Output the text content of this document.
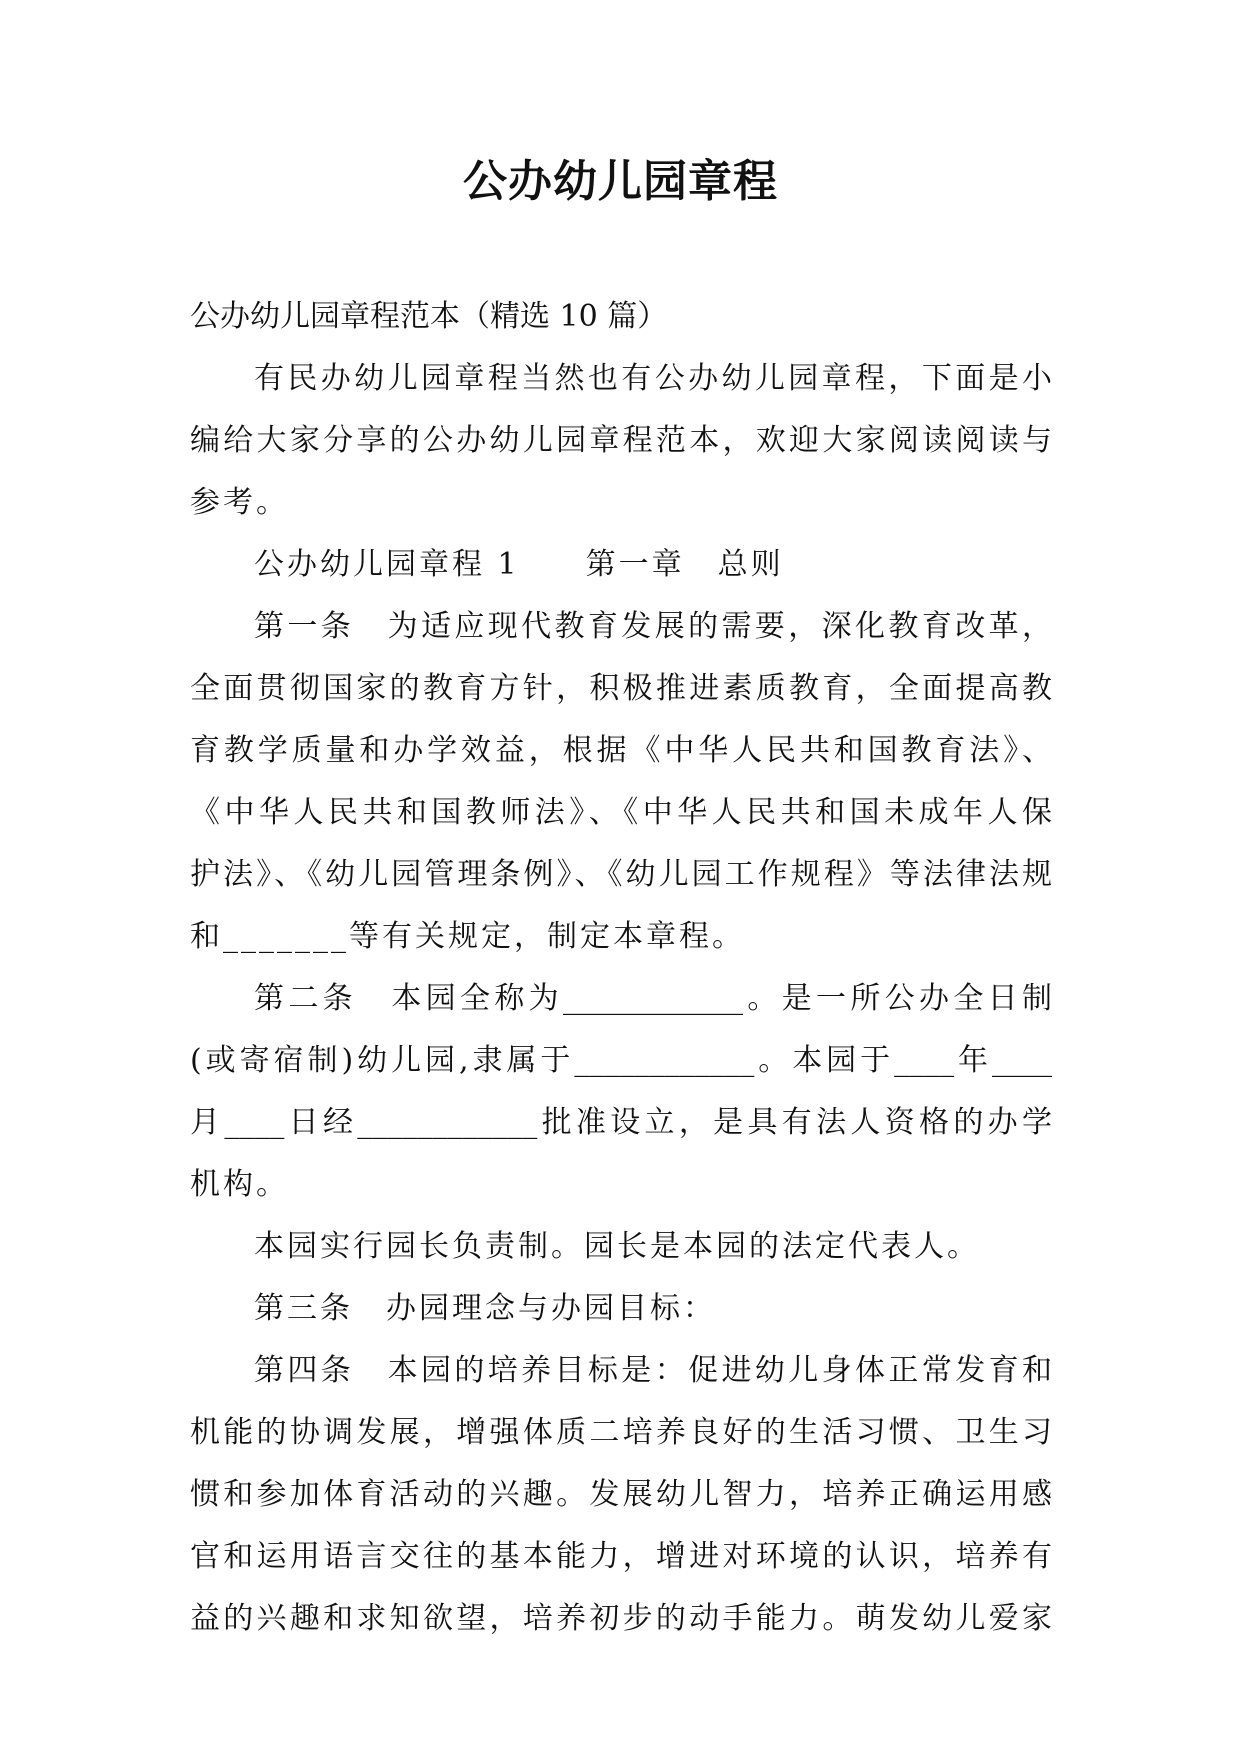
公办幼儿园章程

公办幼儿园章程范本（精选 10 篇）

有民办幼儿园章程当然也有公办幼儿园章程，下面是小

编给大家分享的公办幼儿园章程范本，欢迎大家阅读阅读与

参考。

公办幼儿园章程 1　　第一章　总则

第一条　为适应现代教育发展的需要，深化教育改革，

全面贯彻国家的教育方针，积极推进素质教育，全面提高教

育教学质量和办学效益，根据《中华人民共和国教育法》、

《中华人民共和国教师法》、《中华人民共和国未成年人保

护法》、《幼儿园管理条例》、《幼儿园工作规程》等法律法规

和_______等有关规定，制定本章程。

第二条　本园全称为____________。是一所公办全日制

(或寄宿制)幼儿园,隶属于____________。本园于____年____

月____日经____________批准设立，是具有法人资格的办学

机构。

本园实行园长负责制。园长是本园的法定代表人。

第三条　办园理念与办园目标：

第四条　本园的培养目标是：促进幼儿身体正常发育和

机能的协调发展，增强体质二培养良好的生活习惯、卫生习

惯和参加体育活动的兴趣。发展幼儿智力，培养正确运用感

官和运用语言交往的基本能力，增进对环境的认识，培养有

益的兴趣和求知欲望，培养初步的动手能力。萌发幼儿爱家
